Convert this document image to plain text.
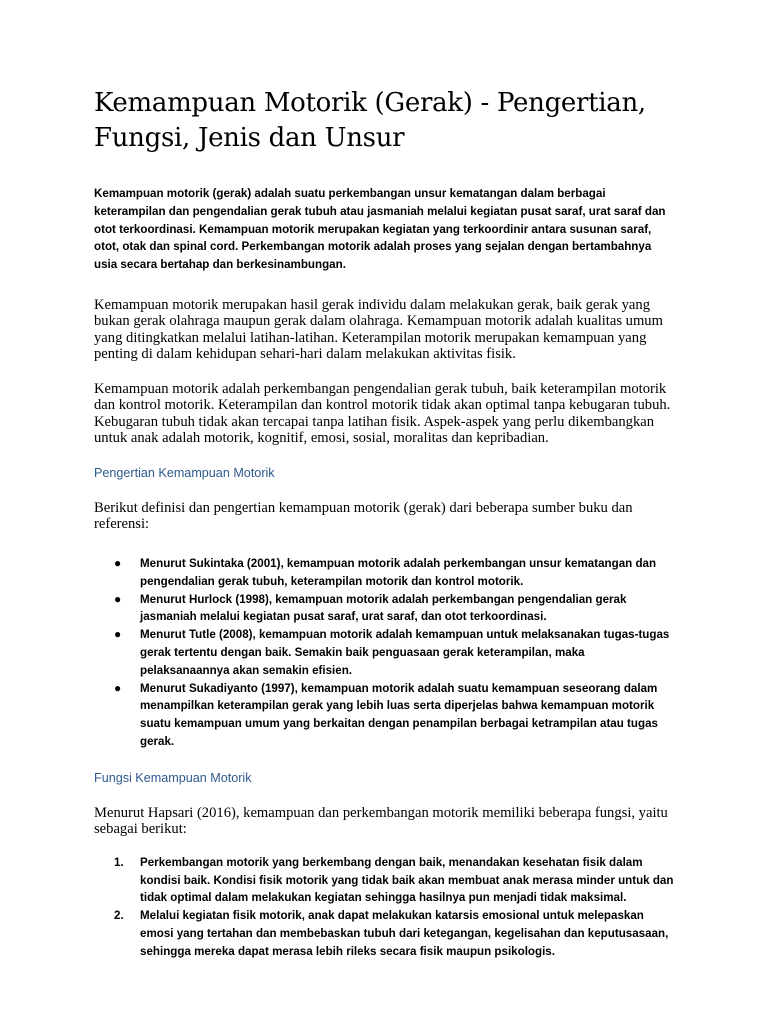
Kemampuan Motorik (Gerak) - Pengertian, Fungsi, Jenis dan Unsur

Kemampuan motorik (gerak) adalah suatu perkembangan unsur kematangan dalam berbagai keterampilan dan pengendalian gerak tubuh atau jasmaniah melalui kegiatan pusat saraf, urat saraf dan otot terkoordinasi. Kemampuan motorik merupakan kegiatan yang terkoordinir antara susunan saraf, otot, otak dan spinal cord. Perkembangan motorik adalah proses yang sejalan dengan bertambahnya usia secara bertahap dan berkesinambungan.

Kemampuan motorik merupakan hasil gerak individu dalam melakukan gerak, baik gerak yang bukan gerak olahraga maupun gerak dalam olahraga. Kemampuan motorik adalah kualitas umum yang ditingkatkan melalui latihan-latihan. Keterampilan motorik merupakan kemampuan yang penting di dalam kehidupan sehari-hari dalam melakukan aktivitas fisik.

Kemampuan motorik adalah perkembangan pengendalian gerak tubuh, baik keterampilan motorik dan kontrol motorik. Keterampilan dan kontrol motorik tidak akan optimal tanpa kebugaran tubuh. Kebugaran tubuh tidak akan tercapai tanpa latihan fisik. Aspek-aspek yang perlu dikembangkan untuk anak adalah motorik, kognitif, emosi, sosial, moralitas dan kepribadian.

Pengertian Kemampuan Motorik

Berikut definisi dan pengertian kemampuan motorik (gerak) dari beberapa sumber buku dan referensi:

● Menurut Sukintaka (2001), kemampuan motorik adalah perkembangan unsur kematangan dan pengendalian gerak tubuh, keterampilan motorik dan kontrol motorik.
● Menurut Hurlock (1998), kemampuan motorik adalah perkembangan pengendalian gerak jasmaniah melalui kegiatan pusat saraf, urat saraf, dan otot terkoordinasi.
● Menurut Tutle (2008), kemampuan motorik adalah kemampuan untuk melaksanakan tugas-tugas gerak tertentu dengan baik. Semakin baik penguasaan gerak keterampilan, maka pelaksanaannya akan semakin efisien.
● Menurut Sukadiyanto (1997), kemampuan motorik adalah suatu kemampuan seseorang dalam menampilkan keterampilan gerak yang lebih luas serta diperjelas bahwa kemampuan motorik suatu kemampuan umum yang berkaitan dengan penampilan berbagai ketrampilan atau tugas gerak.

Fungsi Kemampuan Motorik

Menurut Hapsari (2016), kemampuan dan perkembangan motorik memiliki beberapa fungsi, yaitu sebagai berikut:

1. Perkembangan motorik yang berkembang dengan baik, menandakan kesehatan fisik dalam kondisi baik. Kondisi fisik motorik yang tidak baik akan membuat anak merasa minder untuk dan tidak optimal dalam melakukan kegiatan sehingga hasilnya pun menjadi tidak maksimal.
2. Melalui kegiatan fisik motorik, anak dapat melakukan katarsis emosional untuk melepaskan emosi yang tertahan dan membebaskan tubuh dari ketegangan, kegelisahan dan keputusasaan, sehingga mereka dapat merasa lebih rileks secara fisik maupun psikologis.
